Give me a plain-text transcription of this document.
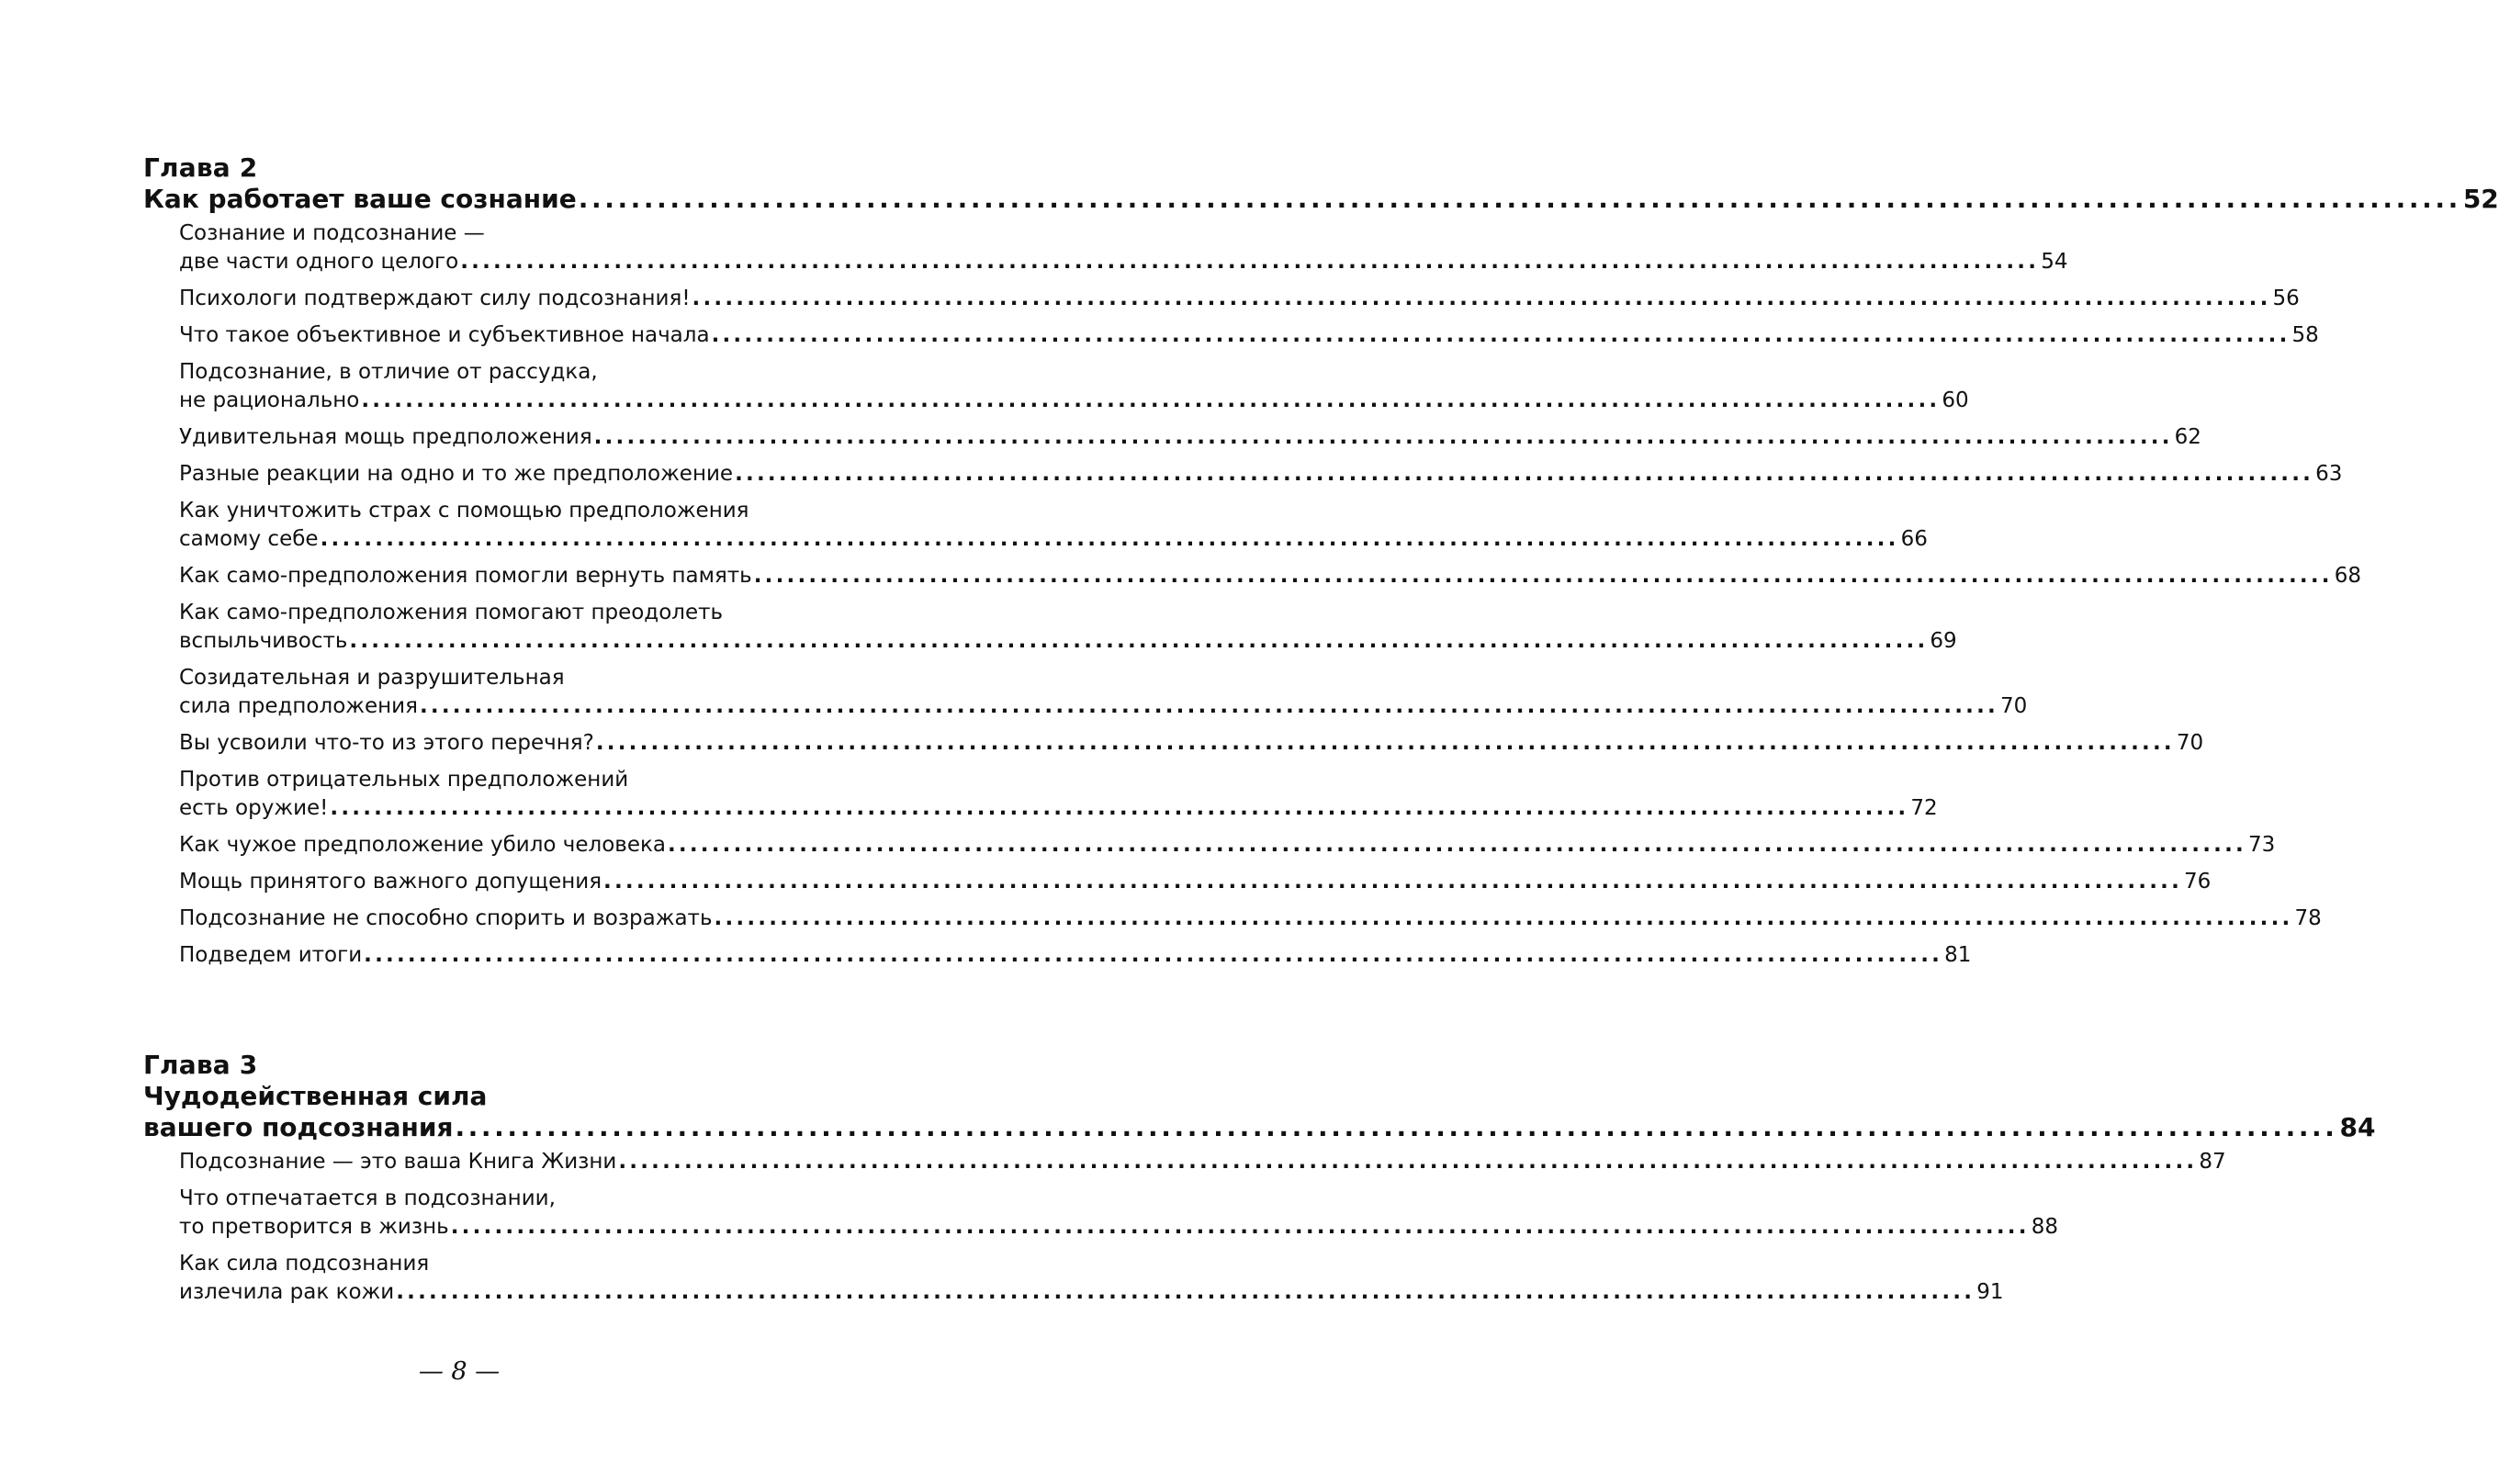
Глава 2
Как работает ваше сознание .....	52
Сознание и подсознание —
две части одного целого .....	54
Психологи подтверждают силу подсознания! .....	56
Что такое объективное и субъективное начала .....	58
Подсознание, в отличие от рассудка,
не рационально .....	60
Удивительная мощь предположения .....	62
Разные реакции на одно и то же предположение .....	63
Как уничтожить страх с помощью предположения
самому себе .....	66
Как само-предположения помогли вернуть память .....	68
Как само-предположения помогают преодолеть
вспыльчивость .....	69
Созидательная и разрушительная
сила предположения .....	70
Вы усвоили что-то из этого перечня? .....	70
Против отрицательных предположений
есть оружие! .....	72
Как чужое предположение убило человека .....	73
Мощь принятого важного допущения .....	76
Подсознание не способно спорить и возражать .....	78
Подведем итоги .....	81
Глава 3
Чудодейственная сила
вашего подсознания .....	84
Подсознание — это ваша Книга Жизни .....	87
Что отпечатается в подсознании,
то претворится в жизнь .....	88
Как сила подсознания
излечила рак кожи .....	91
— 8 —
